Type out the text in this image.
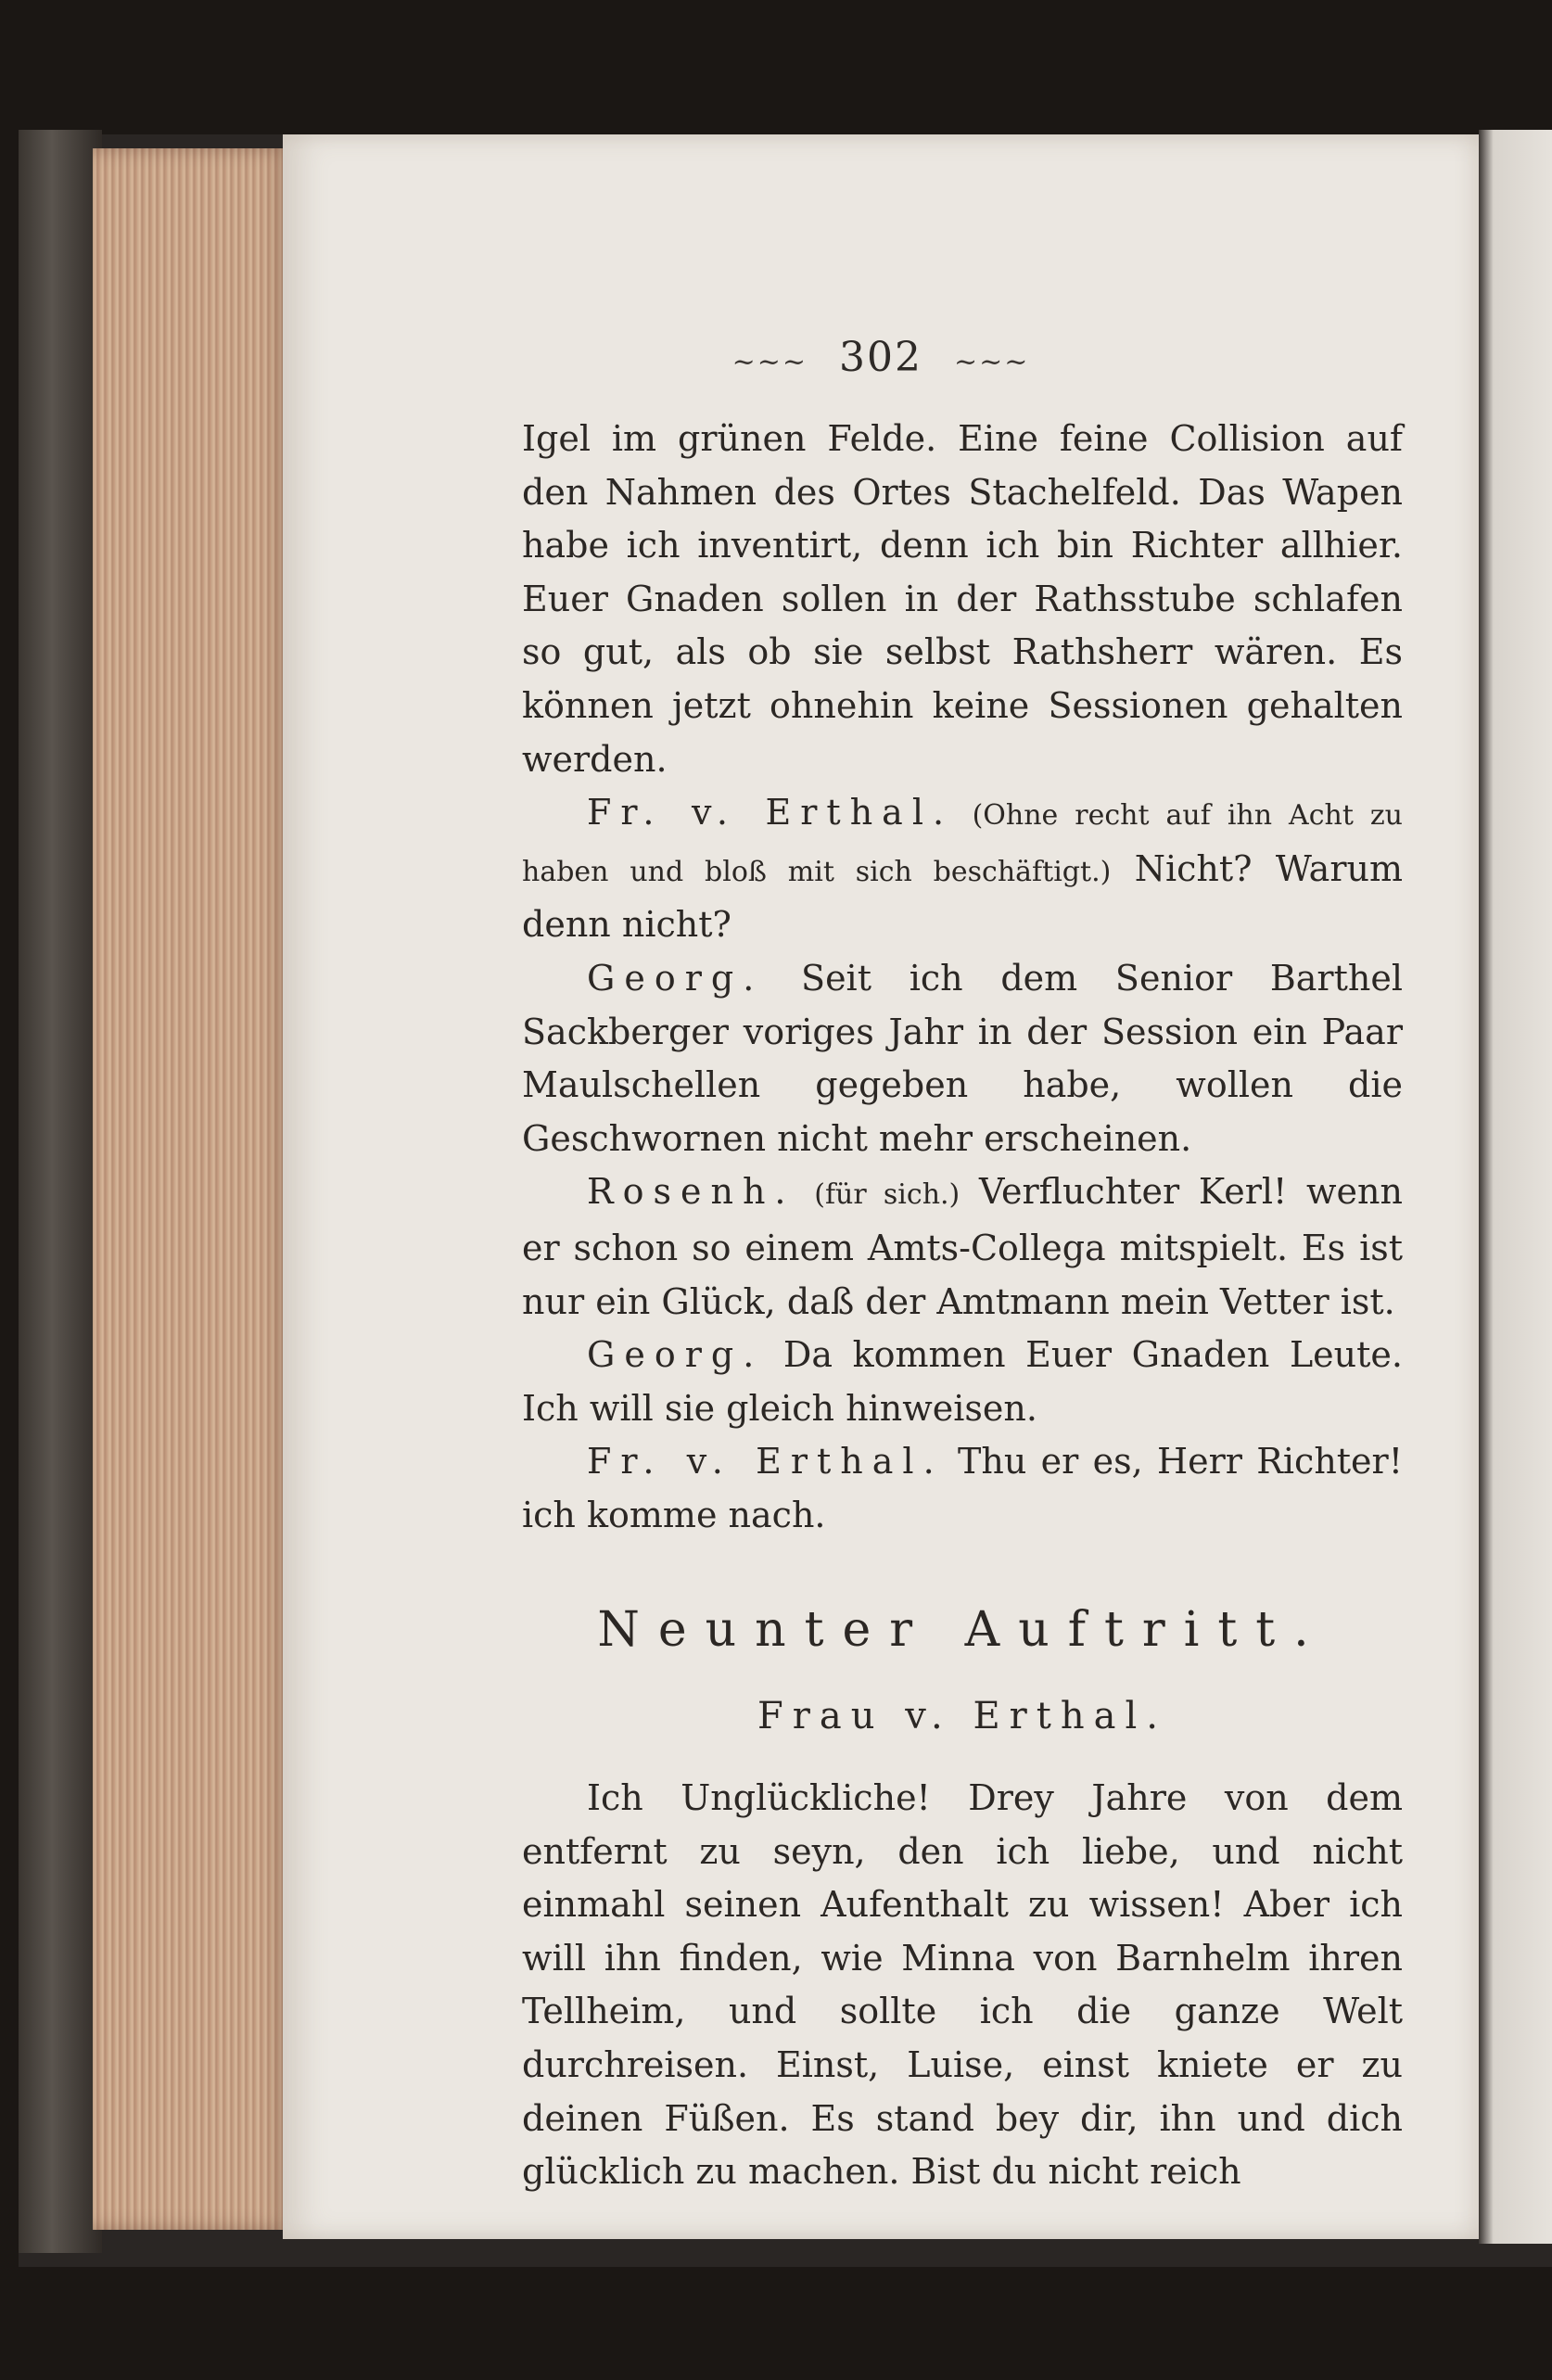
~~~ 302 ~~~

Igel im grünen Felde. Eine feine Collision auf den Nahmen des Ortes Stachelfeld. Das Wapen habe ich inventirt, denn ich bin Richter allhier. Euer Gnaden sollen in der Rathsstube schlafen so gut, als ob sie selbst Rathsherr wären. Es können jetzt ohnehin keine Sessionen gehalten werden.

Fr. v. Erthal. (Ohne recht auf ihn Acht zu haben und bloß mit sich beschäftigt.) Nicht? Warum denn nicht?

Georg. Seit ich dem Senior Barthel Sackberger voriges Jahr in der Session ein Paar Maulschellen gegeben habe, wollen die Geschwornen nicht mehr erscheinen.

Rosenh. (für sich.) Verfluchter Kerl! wenn er schon so einem Amts-Collega mitspielt. Es ist nur ein Glück, daß der Amtmann mein Vetter ist.

Georg. Da kommen Euer Gnaden Leute. Ich will sie gleich hinweisen.

Fr. v. Erthal. Thu er es, Herr Richter! ich komme nach.

Neunter Auftritt.
Frau v. Erthal.

Ich Unglückliche! Drey Jahre von dem entfernt zu seyn, den ich liebe, und nicht einmahl seinen Aufenthalt zu wissen! Aber ich will ihn finden, wie Minna von Barnhelm ihren Tellheim, und sollte ich die ganze Welt durchreisen. Einst, Luise, einst kniete er zu deinen Füßen. Es stand bey dir, ihn und dich glücklich zu machen. Bist du nicht reich
